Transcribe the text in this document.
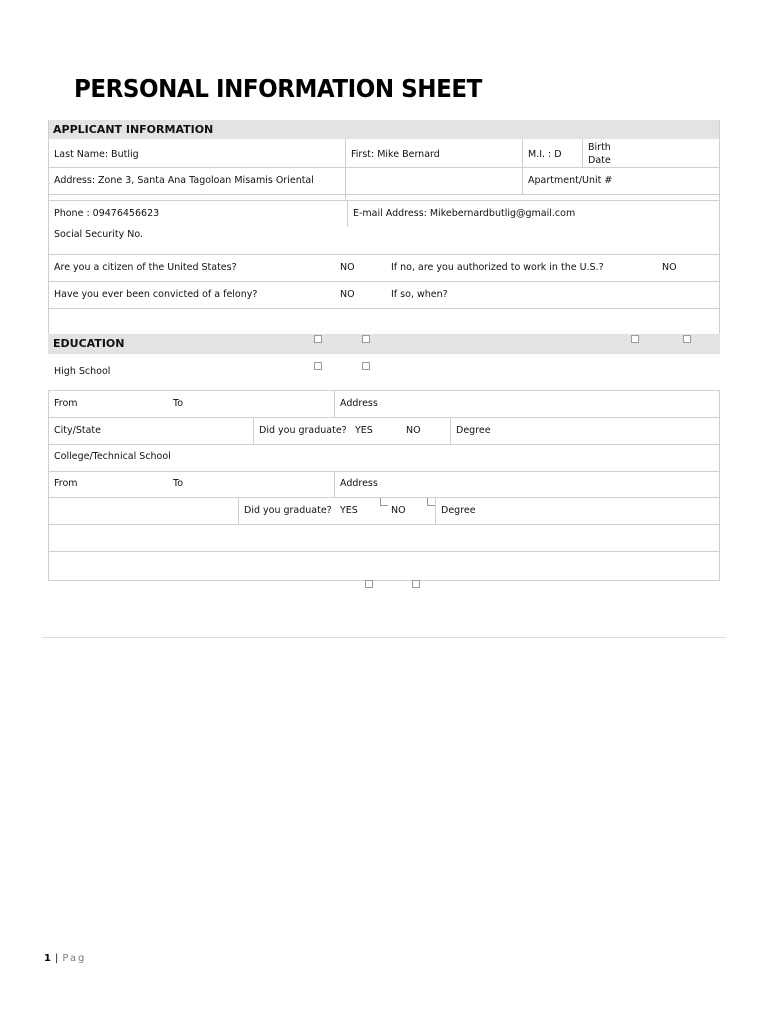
PERSONAL INFORMATION SHEET
APPLICANT INFORMATION
Last Name: Butlig	First: Mike Bernard	M.I. : D
Birth
Date
Address: Zone 3, Santa Ana Tagoloan Misamis Oriental	Apartment/Unit #
Phone : 09476456623	E-mail Address: Mikebernardbutlig@gmail.com
Social Security No.
Are you a citizen of the United States?	NO	If no, are you authorized to work in the U.S.?	NO
Have you ever been convicted of a felony?	NO	If so, when?
EDUCATION
High School
From	To	Address
City/State	Did you graduate? YES	NO	Degree
College/Technical School
From	To	Address
Did you graduate? YES	NO	Degree
1 | Pag
